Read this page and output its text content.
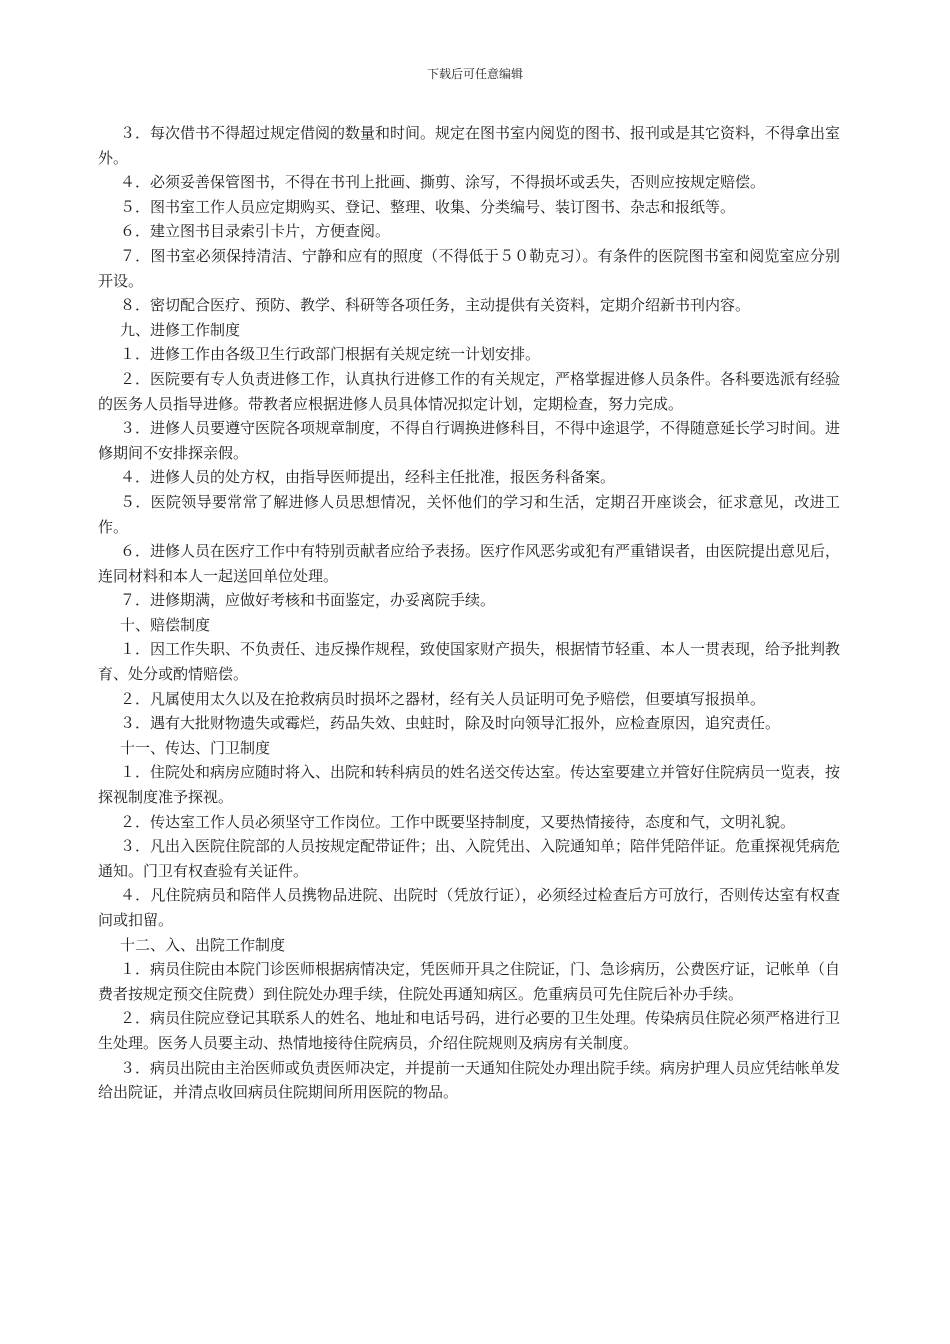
下载后可任意编辑

３．每次借书不得超过规定借阅的数量和时间。规定在图书室内阅览的图书、报刊或是其它资料，不得拿出室外。

４．必须妥善保管图书，不得在书刊上批画、撕剪、涂写，不得损坏或丢失，否则应按规定赔偿。

５．图书室工作人员应定期购买、登记、整理、收集、分类编号、装订图书、杂志和报纸等。

６．建立图书目录索引卡片，方便查阅。

７．图书室必须保持清洁、宁静和应有的照度（不得低于５０勒克习）。有条件的医院图书室和阅览室应分别开设。

８．密切配合医疗、预防、教学、科研等各项任务，主动提供有关资料，定期介绍新书刊内容。

九、进修工作制度

１．进修工作由各级卫生行政部门根据有关规定统一计划安排。

２．医院要有专人负责进修工作，认真执行进修工作的有关规定，严格掌握进修人员条件。各科要选派有经验的医务人员指导进修。带教者应根据进修人员具体情况拟定计划，定期检查，努力完成。

３．进修人员要遵守医院各项规章制度，不得自行调换进修科目，不得中途退学，不得随意延长学习时间。进修期间不安排探亲假。

４．进修人员的处方权，由指导医师提出，经科主任批准，报医务科备案。

５．医院领导要常常了解进修人员思想情况，关怀他们的学习和生活，定期召开座谈会，征求意见，改进工作。

６．进修人员在医疗工作中有特别贡献者应给予表扬。医疗作风恶劣或犯有严重错误者，由医院提出意见后，连同材料和本人一起送回单位处理。

７．进修期满，应做好考核和书面鉴定，办妥离院手续。

十、赔偿制度

１．因工作失职、不负责任、违反操作规程，致使国家财产损失，根据情节轻重、本人一贯表现，给予批判教育、处分或酌情赔偿。

２．凡属使用太久以及在抢救病员时损坏之器材，经有关人员证明可免予赔偿，但要填写报损单。

３．遇有大批财物遗失或霉烂，药品失效、虫蛀时，除及时向领导汇报外，应检查原因，追究责任。

十一、传达、门卫制度

１．住院处和病房应随时将入、出院和转科病员的姓名送交传达室。传达室要建立并管好住院病员一览表，按探视制度准予探视。

２．传达室工作人员必须坚守工作岗位。工作中既要坚持制度，又要热情接待，态度和气，文明礼貌。

３．凡出入医院住院部的人员按规定配带证件；出、入院凭出、入院通知单；陪伴凭陪伴证。危重探视凭病危通知。门卫有权查验有关证件。

４．凡住院病员和陪伴人员携物品进院、出院时（凭放行证），必须经过检查后方可放行，否则传达室有权查问或扣留。

十二、入、出院工作制度

１．病员住院由本院门诊医师根据病情决定，凭医师开具之住院证，门、急诊病历，公费医疗证，记帐单（自费者按规定预交住院费）到住院处办理手续，住院处再通知病区。危重病员可先住院后补办手续。

２．病员住院应登记其联系人的姓名、地址和电话号码，进行必要的卫生处理。传染病员住院必须严格进行卫生处理。医务人员要主动、热情地接待住院病员，介绍住院规则及病房有关制度。

３．病员出院由主治医师或负责医师决定，并提前一天通知住院处办理出院手续。病房护理人员应凭结帐单发给出院证，并清点收回病员住院期间所用医院的物品。
